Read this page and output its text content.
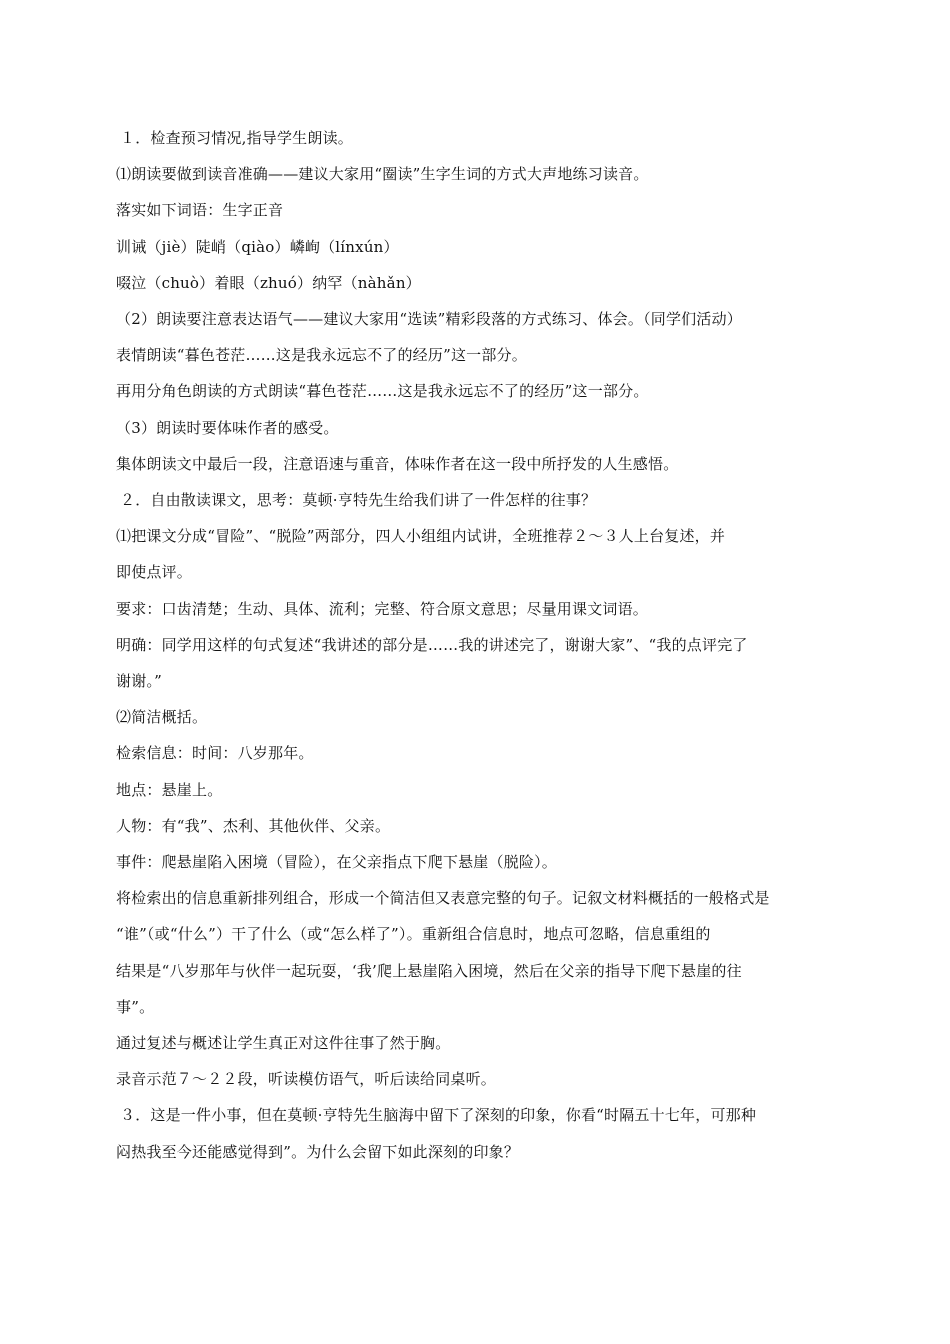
１．检查预习情况,指导学生朗读。
⑴朗读要做到读音准确——建议大家用“圈读”生字生词的方式大声地练习读音。
落实如下词语：生字正音
训诫（jiè）陡峭（qiào）嶙峋（línxún）
啜泣（chuò）着眼（zhuó）纳罕（nàhǎn）
（2）朗读要注意表达语气——建议大家用“选读”精彩段落的方式练习、体会。（同学们活动）
表情朗读“暮色苍茫……这是我永远忘不了的经历”这一部分。
再用分角色朗读的方式朗读“暮色苍茫……这是我永远忘不了的经历”这一部分。
（3）朗读时要体味作者的感受。
集体朗读文中最后一段，注意语速与重音，体味作者在这一段中所抒发的人生感悟。
２．自由散读课文，思考：莫顿·亨特先生给我们讲了一件怎样的往事？
⑴把课文分成“冒险”、“脱险”两部分，四人小组组内试讲，全班推荐２～３人上台复述，并
即使点评。
要求：口齿清楚；生动、具体、流利；完整、符合原文意思；尽量用课文词语。
明确：同学用这样的句式复述“我讲述的部分是……我的讲述完了，谢谢大家”、“我的点评完了
谢谢。”
⑵简洁概括。
检索信息：时间：八岁那年。
地点：悬崖上。
人物：有“我”、杰利、其他伙伴、父亲。
事件：爬悬崖陷入困境（冒险），在父亲指点下爬下悬崖（脱险）。
将检索出的信息重新排列组合，形成一个简洁但又表意完整的句子。记叙文材料概括的一般格式是
“谁”（或“什么”）干了什么（或“怎么样了”）。重新组合信息时，地点可忽略，信息重组的
结果是“八岁那年与伙伴一起玩耍，‘我’爬上悬崖陷入困境，然后在父亲的指导下爬下悬崖的往
事”。
通过复述与概述让学生真正对这件往事了然于胸。
录音示范７～２２段，听读模仿语气，听后读给同桌听。
３．这是一件小事，但在莫顿·亨特先生脑海中留下了深刻的印象，你看“时隔五十七年，可那种
闷热我至今还能感觉得到”。为什么会留下如此深刻的印象？
